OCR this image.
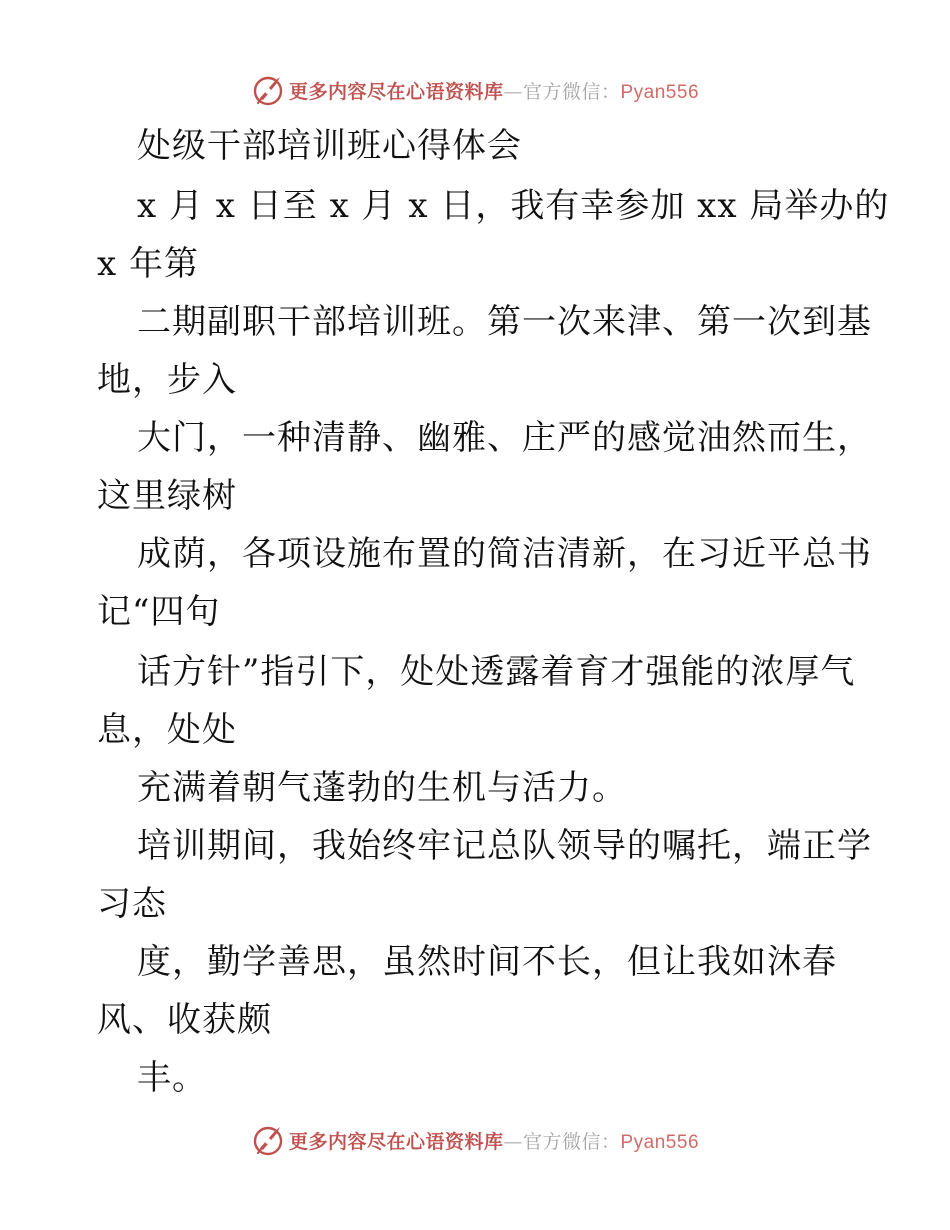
更多内容尽在心语资料库—官方微信：Pyan556
处级干部培训班心得体会
x 月 x 日至 x 月 x 日，我有幸参加 xx 局举办的
x 年第
二期副职干部培训班。第一次来津、第一次到基
地，步入
大门，一种清静、幽雅、庄严的感觉油然而生，
这里绿树
成荫，各项设施布置的简洁清新，在习近平总书
记“四句
话方针”指引下，处处透露着育才强能的浓厚气
息，处处
充满着朝气蓬勃的生机与活力。
培训期间，我始终牢记总队领导的嘱托，端正学
习态
度，勤学善思，虽然时间不长，但让我如沐春
风、收获颇
丰。
更多内容尽在心语资料库—官方微信：Pyan556
